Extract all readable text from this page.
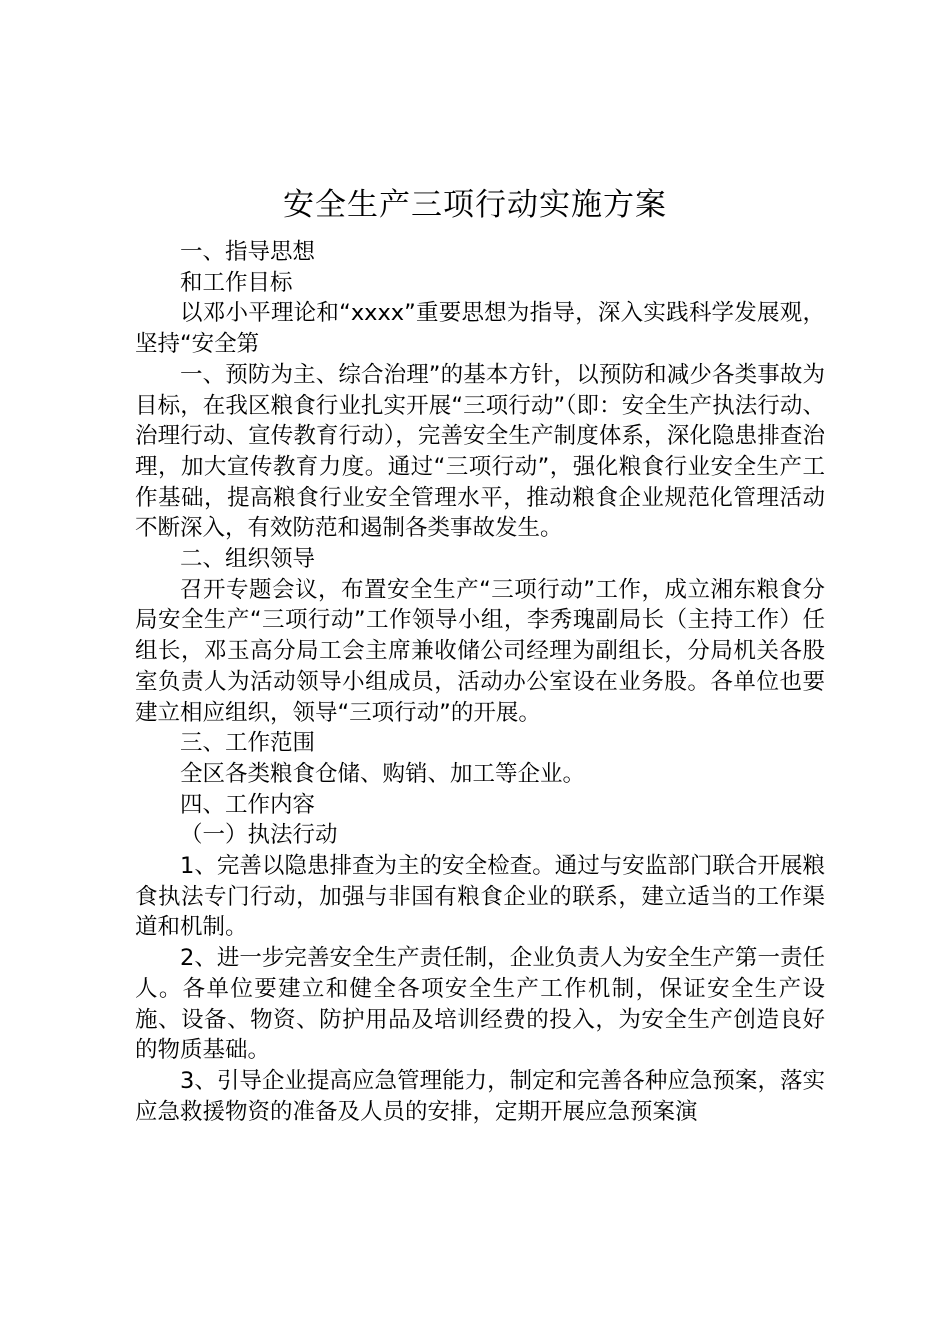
安全生产三项行动实施方案

一、指导思想

和工作目标

以邓小平理论和“xxxx”重要思想为指导，深入实践科学发展观，坚持“安全第

一、预防为主、综合治理”的基本方针，以预防和减少各类事故为目标，在我区粮食行业扎实开展“三项行动”（即：安全生产执法行动、治理行动、宣传教育行动），完善安全生产制度体系，深化隐患排查治理，加大宣传教育力度。通过“三项行动”，强化粮食行业安全生产工作基础，提高粮食行业安全管理水平，推动粮食企业规范化管理活动不断深入，有效防范和遏制各类事故发生。

二、组织领导

召开专题会议，布置安全生产“三项行动”工作，成立湘东粮食分局安全生产“三项行动”工作领导小组，李秀瑰副局长（主持工作）任组长，邓玉高分局工会主席兼收储公司经理为副组长，分局机关各股室负责人为活动领导小组成员，活动办公室设在业务股。各单位也要建立相应组织，领导“三项行动”的开展。

三、工作范围

全区各类粮食仓储、购销、加工等企业。

四、工作内容

（一）执法行动

1、完善以隐患排查为主的安全检查。通过与安监部门联合开展粮食执法专门行动，加强与非国有粮食企业的联系，建立适当的工作渠道和机制。

2、进一步完善安全生产责任制，企业负责人为安全生产第一责任人。各单位要建立和健全各项安全生产工作机制，保证安全生产设施、设备、物资、防护用品及培训经费的投入，为安全生产创造良好的物质基础。

3、引导企业提高应急管理能力，制定和完善各种应急预案，落实应急救援物资的准备及人员的安排，定期开展应急预案演
